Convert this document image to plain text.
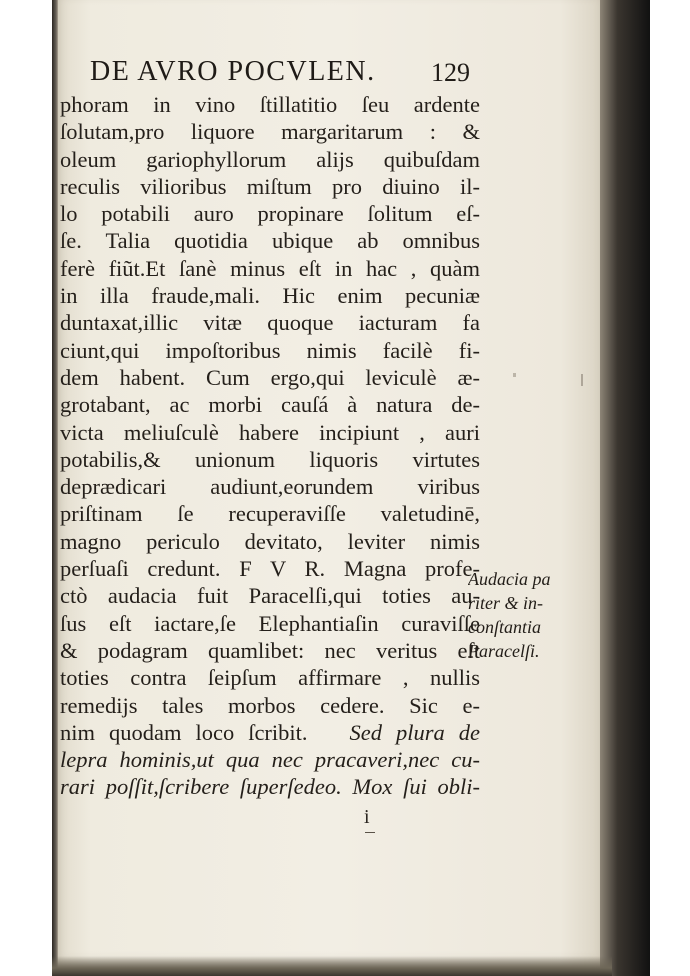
DE AVRO POCVLEN. 129
phoram in vino ſtillatitio ſeu ardente
ſolutam,pro liquore margaritarum : &
oleum gariophyllorum alijs quibuſdam
reculis vilioribus miſtum pro diuino il-
lo potabili auro propinare ſolitum eſ-
ſe. Talia quotidia ubique ab omnibus
ferè fiũt.Et ſanè minus eſt in hac , quàm
in illa fraude,mali. Hic enim pecuniæ
duntaxat,illic vitæ quoque iacturam fa
ciunt,qui impoſtoribus nimis facilè fi-
dem habent. Cum ergo,qui leviculè æ-
grotabant, ac morbi cauſá à natura de-
victa meliuſculè habere incipiunt , auri
potabilis,& unionum liquoris virtutes
deprædicari audiunt,eorundem viribus
priſtinam ſe recuperaviſſe valetudinē,
magno periculo devitato, leviter nimis
perſuaſi credunt. F V R. Magna profe-
ctò audacia fuit Paracelſi,qui toties au-
ſus eſt iactare,ſe Elephantiaſin curaviſſe
& podagram quamlibet: nec veritus eſt
toties contra ſeipſum affirmare , nullis
remedijs tales morbos cedere. Sic e-
nim quodam loco ſcribit. Sed plura de
lepra hominis,ut qua nec pracaveri,nec cu-
rari poſſit,ſcribere ſuperſedeo. Mox ſui obli-
Audacia pa
riter & in-
conſtantia
Paracelſi.
i
